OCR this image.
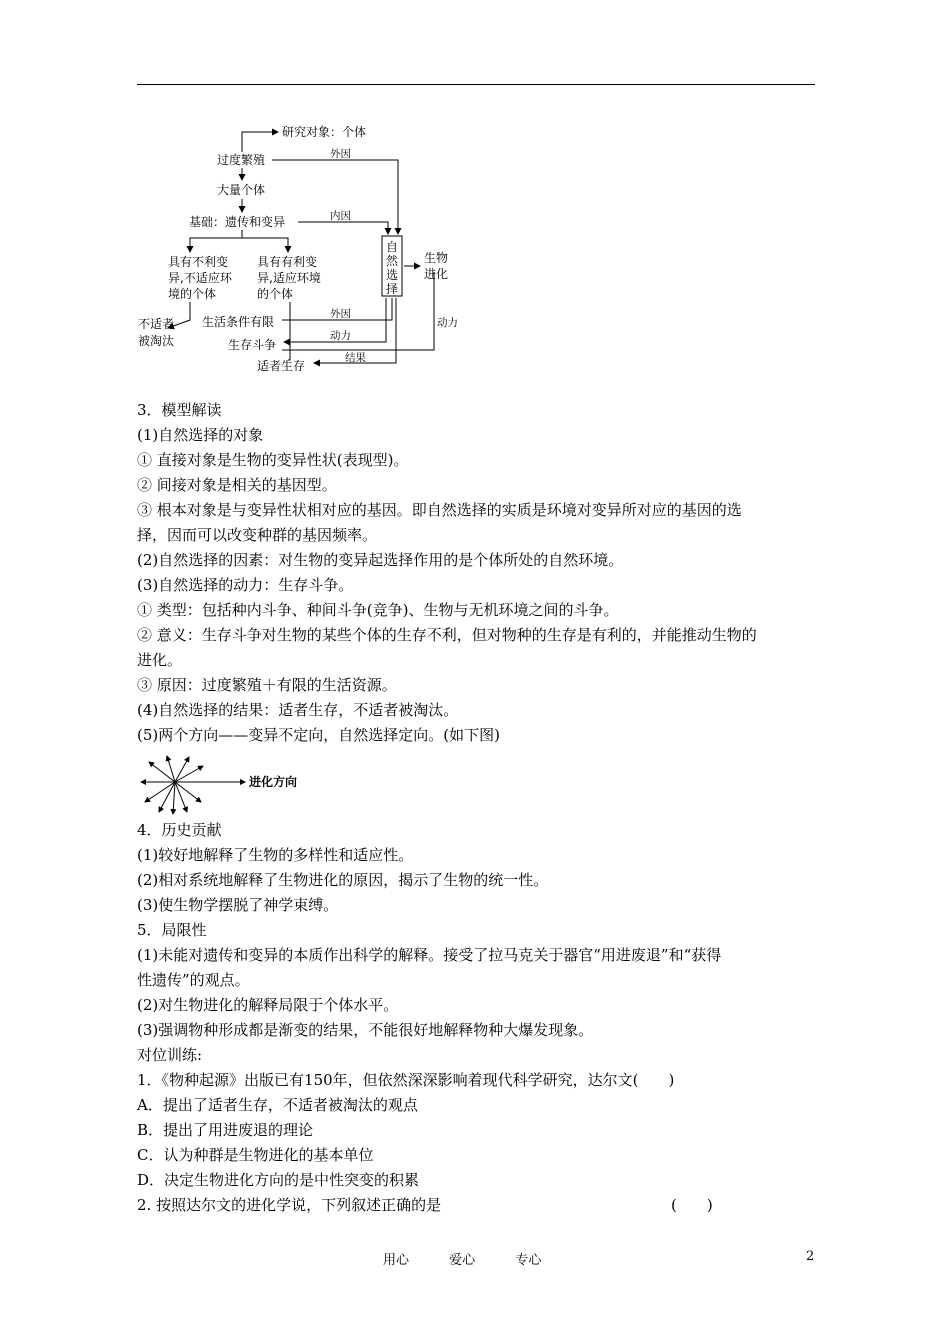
研究对象：个体
过度繁殖
大量个体
基础：遗传和变异
具有不利变
异,不适应环
境的个体
具有有利变
异,适应环境
的个体
不适者
被淘汰
生活条件有限
生存斗争
适者生存
自
然
选
择
生物
进化
外因
内因
外因
动力
动力
结果
3．模型解读
(1)自然选择的对象
① 直接对象是生物的变异性状(表现型)。
② 间接对象是相关的基因型。
③ 根本对象是与变异性状相对应的基因。即自然选择的实质是环境对变异所对应的基因的选
择，因而可以改变种群的基因频率。
(2)自然选择的因素：对生物的变异起选择作用的是个体所处的自然环境。
(3)自然选择的动力：生存斗争。
① 类型：包括种内斗争、种间斗争(竞争)、生物与无机环境之间的斗争。
② 意义：生存斗争对生物的某些个体的生存不利，但对物种的生存是有利的，并能推动生物的
进化。
③ 原因：过度繁殖＋有限的生活资源。
(4)自然选择的结果：适者生存，不适者被淘汰。
(5)两个方向——变异不定向，自然选择定向。(如下图)
进化方向
4．历史贡献
(1)较好地解释了生物的多样性和适应性。
(2)相对系统地解释了生物进化的原因，揭示了生物的统一性。
(3)使生物学摆脱了神学束缚。
5．局限性
(1)未能对遗传和变异的本质作出科学的解释。接受了拉马克关于器官“用进废退”和“获得
性遗传”的观点。
(2)对生物进化的解释局限于个体水平。
(3)强调物种形成都是渐变的结果，不能很好地解释物种大爆发现象。
对位训练:
1．《物种起源》出版已有150年，但依然深深影响着现代科学研究，达尔文(　　)
A．提出了适者生存，不适者被淘汰的观点
B．提出了用进废退的理论
C．认为种群是生物进化的基本单位
D．决定生物进化方向的是中性突变的积累
2. 按照达尔文的进化学说，下列叙述正确的是	(　　)
用心	爱心	专心	2
